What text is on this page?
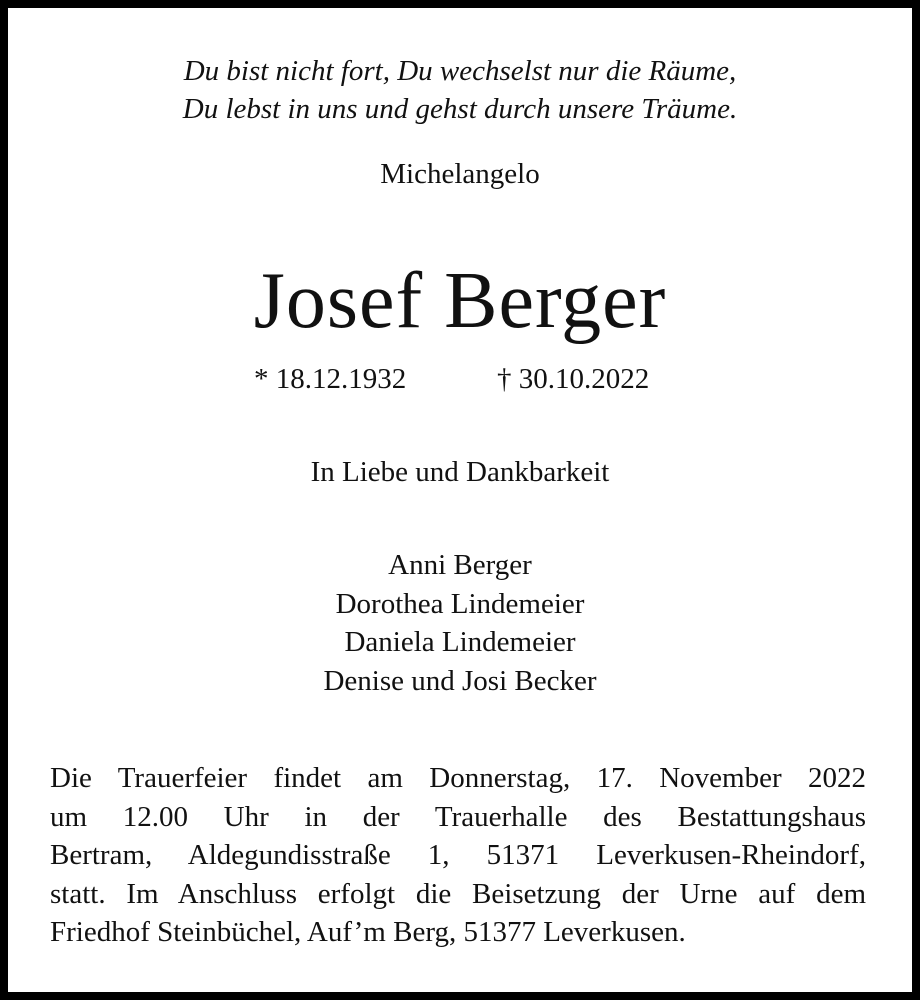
Du bist nicht fort, Du wechselst nur die Räume,
Du lebst in uns und gehst durch unsere Träume.
Michelangelo
Josef Berger
* 18.12.1932	† 30.10.2022
In Liebe und Dankbarkeit
Anni Berger
Dorothea Lindemeier
Daniela Lindemeier
Denise und Josi Becker
Die Trauerfeier findet am Donnerstag, 17. November 2022
um 12.00 Uhr in der Trauerhalle des Bestattungshaus
Bertram, Aldegundisstraße 1, 51371 Leverkusen-Rheindorf,
statt. Im Anschluss erfolgt die Beisetzung der Urne auf dem
Friedhof Steinbüchel, Auf’m Berg, 51377 Leverkusen.
